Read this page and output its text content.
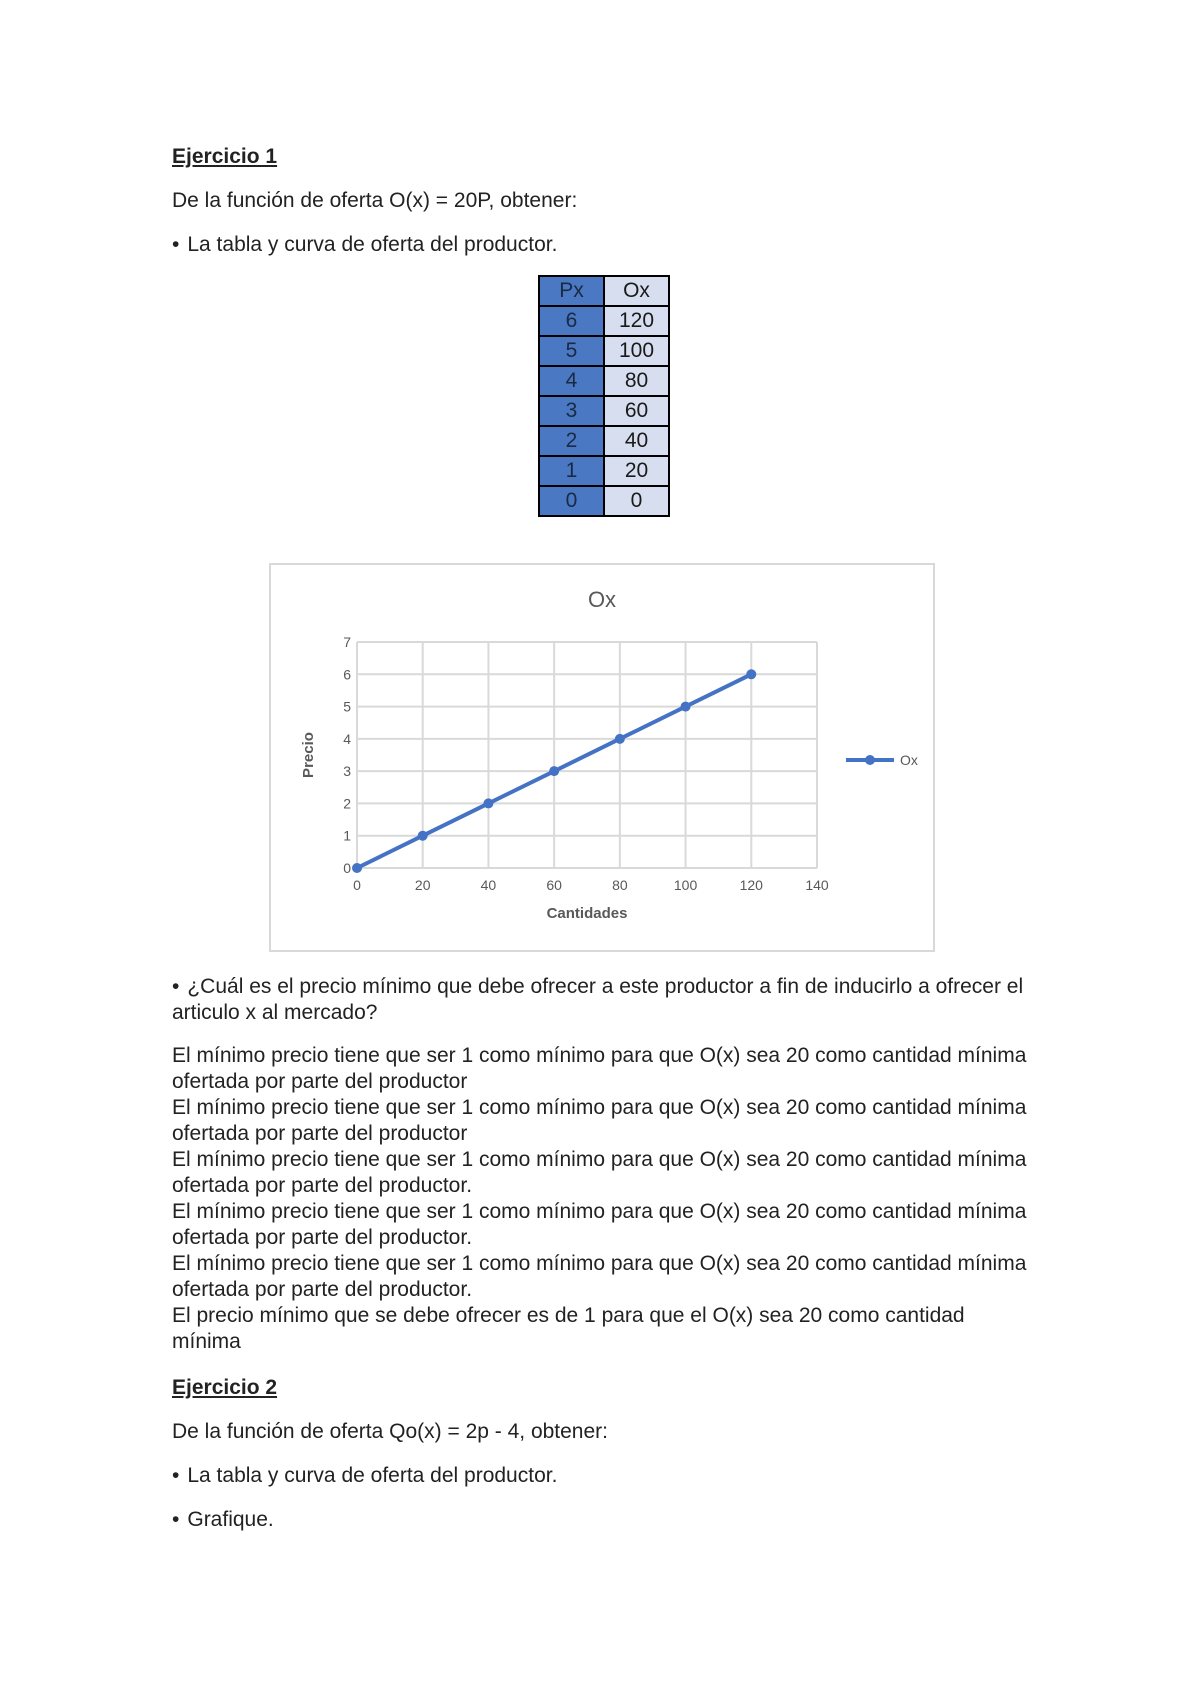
Ejercicio 1

De la función de oferta O(x) = 20P, obtener:

• La tabla y curva de oferta del productor.

Px	Ox
6	120
5	100
4	80
3	60
2	40
1	20
0	0
0
1
2
3
4
5
6
7
0	20	40	60	80	100	120	140
Ox
Cantidades
Precio	Ox

• ¿Cuál es el precio mínimo que debe ofrecer a este productor a fin de inducirlo a ofrecer el articulo x al mercado?

El mínimo precio tiene que ser 1 como mínimo para que O(x) sea 20 como cantidad mínima ofertada por parte del productor

El mínimo precio tiene que ser 1 como mínimo para que O(x) sea 20 como cantidad mínima ofertada por parte del productor

El mínimo precio tiene que ser 1 como mínimo para que O(x) sea 20 como cantidad mínima ofertada por parte del productor.

El mínimo precio tiene que ser 1 como mínimo para que O(x) sea 20 como cantidad mínima ofertada por parte del productor.

El mínimo precio tiene que ser 1 como mínimo para que O(x) sea 20 como cantidad mínima ofertada por parte del productor.

El precio mínimo que se debe ofrecer es de 1 para que el O(x) sea 20 como cantidad mínima

Ejercicio 2

De la función de oferta Qo(x) = 2p - 4, obtener:

• La tabla y curva de oferta del productor.

• Grafique.
